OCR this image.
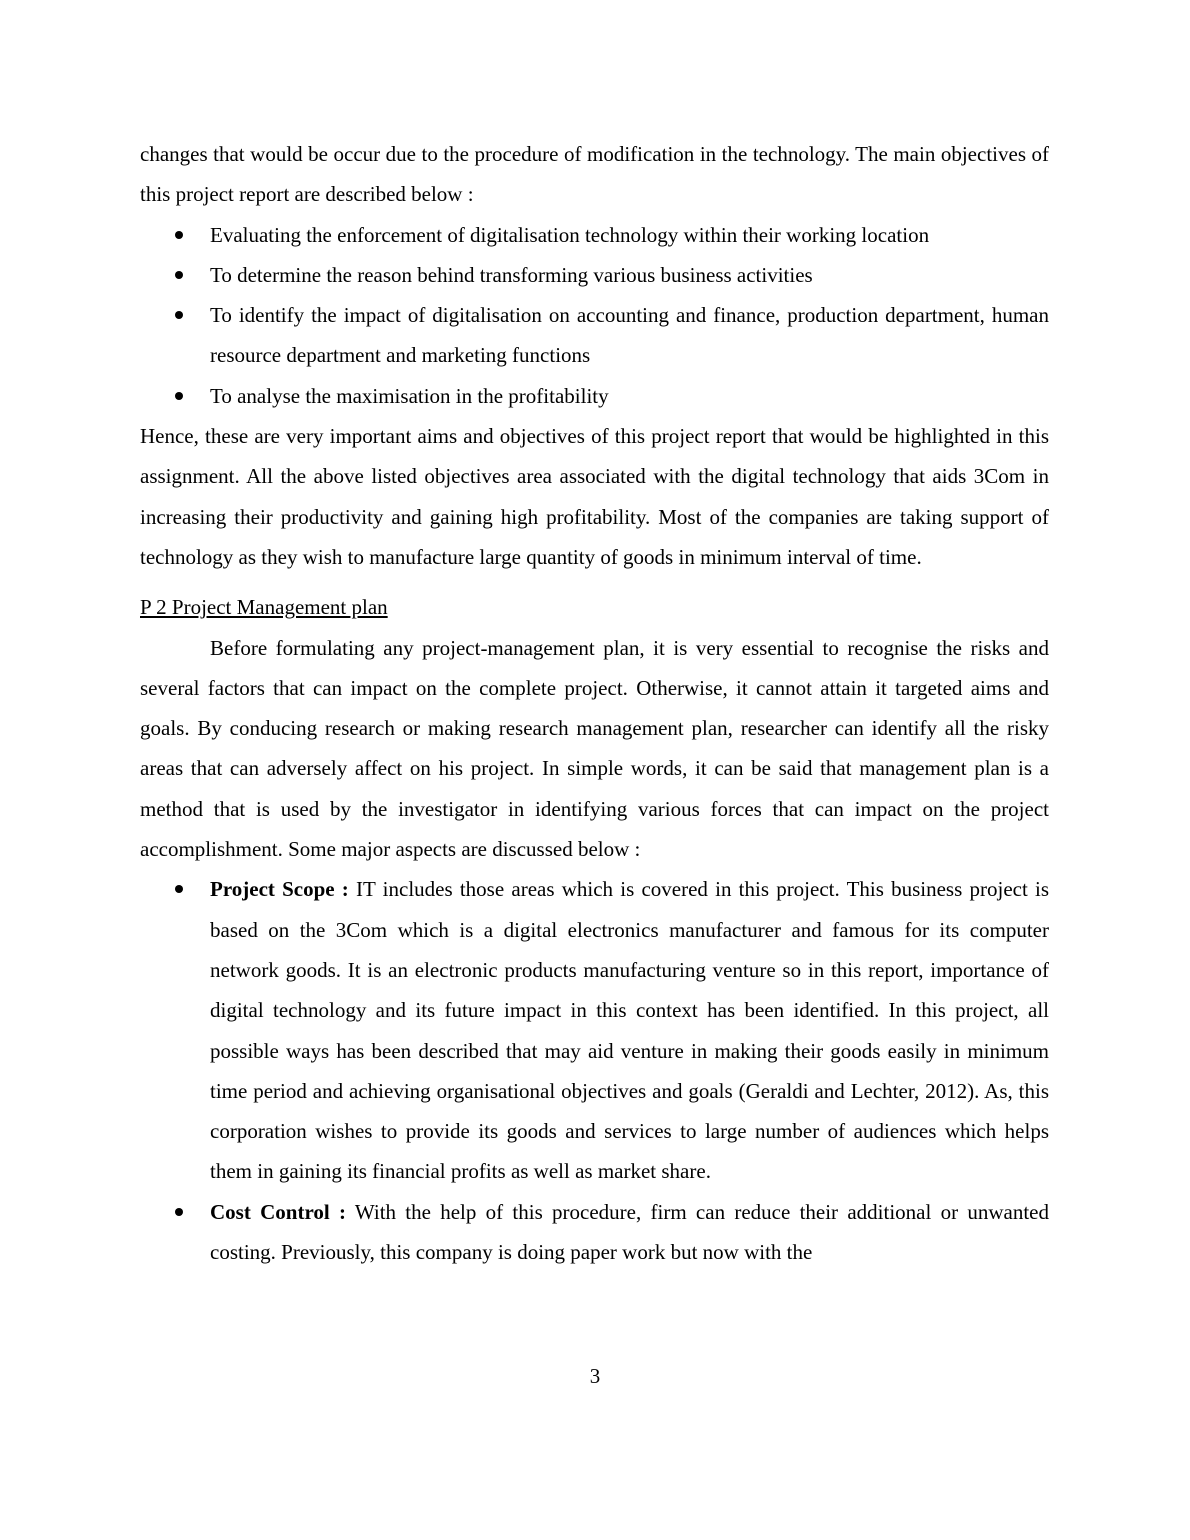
changes that would be occur due to the procedure of modification in the technology. The main objectives of this project report are described below :

Evaluating the enforcement of digitalisation technology within their working location
To determine the reason behind transforming various business activities
To identify the impact of digitalisation on accounting and finance, production department, human resource department and marketing functions
To analyse the maximisation in the profitability

Hence, these are very important aims and objectives of this project report that would be highlighted in this assignment. All the above listed objectives area associated with the digital technology that aids 3Com in increasing their productivity and gaining high profitability. Most of the companies are taking support of technology as they wish to manufacture large quantity of goods in minimum interval of time.

P 2 Project Management plan

Before formulating any project-management plan, it is very essential to recognise the risks and several factors that can impact on the complete project. Otherwise, it cannot attain it targeted aims and goals. By conducing research or making research management plan, researcher can identify all the risky areas that can adversely affect on his project. In simple words, it can be said that management plan is a method that is used by the investigator in identifying various forces that can impact on the project accomplishment. Some major aspects are discussed below :

Project Scope : IT includes those areas which is covered in this project. This business project is based on the 3Com which is a digital electronics manufacturer and famous for its computer network goods. It is an electronic products manufacturing venture so in this report, importance of digital technology and its future impact in this context has been identified. In this project, all possible ways has been described that may aid venture in making their goods easily in minimum time period and achieving organisational objectives and goals (Geraldi and Lechter, 2012). As, this corporation wishes to provide its goods and services to large number of audiences which helps them in gaining its financial profits as well as market share.
Cost Control : With the help of this procedure, firm can reduce their additional or unwanted costing. Previously, this company is doing paper work but now with the
3
